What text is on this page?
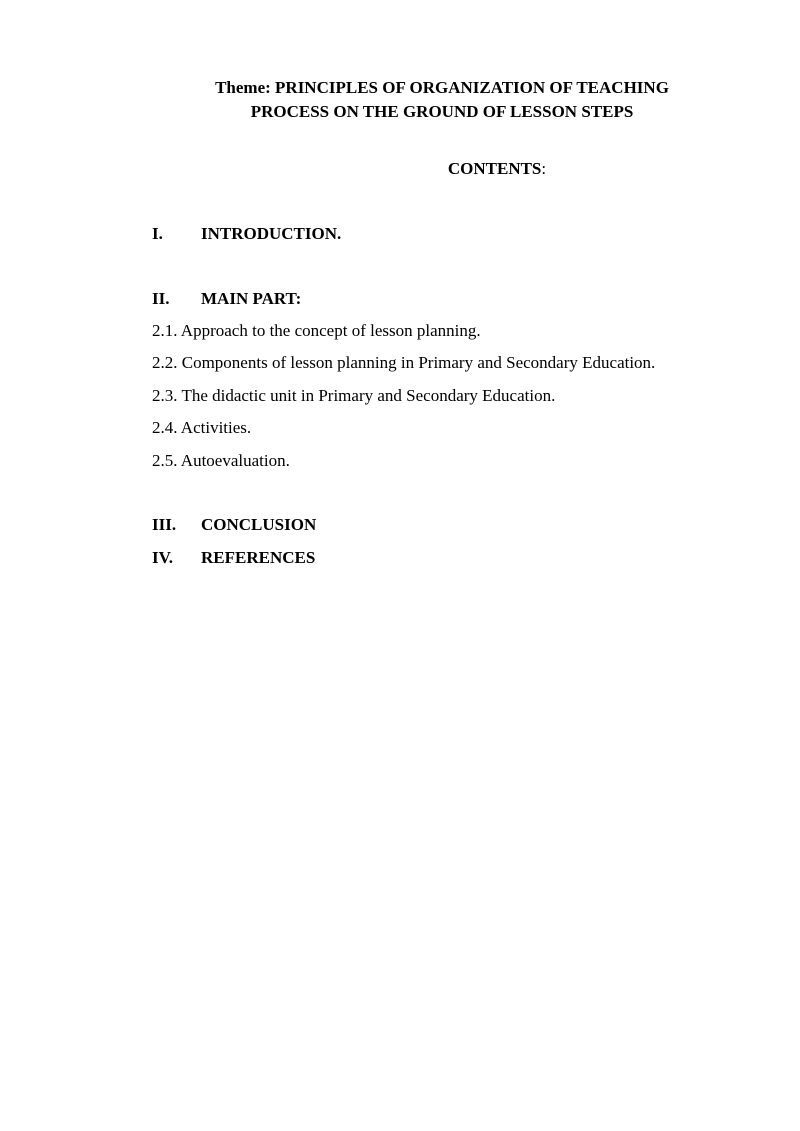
Theme: PRINCIPLES OF ORGANIZATION OF TEACHING
PROCESS ON THE GROUND OF LESSON STEPS
CONTENTS:
I. INTRODUCTION.
II. MAIN PART:
2.1. Approach to the concept of lesson planning.
2.2. Components of lesson planning in Primary and Secondary Education.
2.3. The didactic unit in Primary and Secondary Education.
2.4. Activities.
2.5. Autoevaluation.
III. CONCLUSION
IV. REFERENCES
